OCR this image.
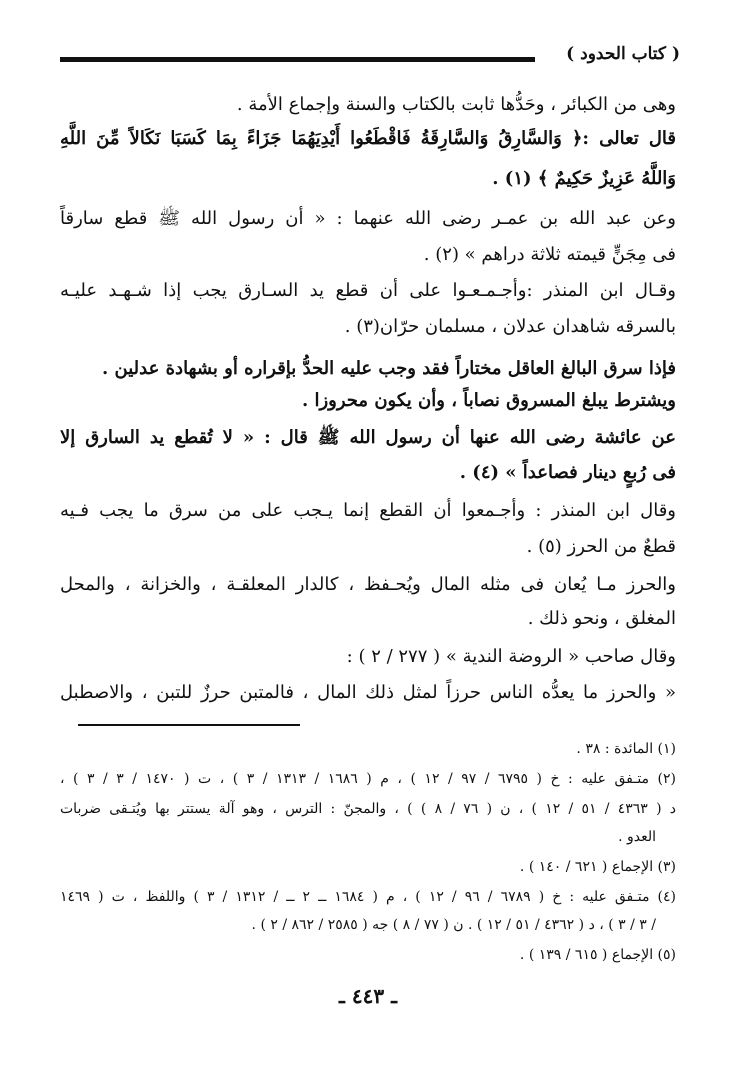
( كتاب الحدود )
وهى من الكبائر ، وحَدُّها ثابت بالكتاب والسنة وإجماع الأمة .
قال تعالى :﴿ وَالسَّارِقُ وَالسَّارِقَةُ فَاقْطَعُوا أَيْدِيَهُمَا جَزَاءً بِمَا كَسَبَا نَكَالاً مِّنَ اللَّهِ
وَاللَّهُ عَزِيزٌ حَكِيمٌ ﴾ (١) .
وعن عبد الله بن عمـر رضى الله عنهما : « أن رسول الله ﷺ قطع سارقاً
فى مِجَنٍّ قيمته ثلاثة دراهم » (٢) .
وقـال ابن المنذر :وأجـمـعـوا على أن قطع يد السـارق يجب إذا شـهـد عليـه
بالسرقه شاهدان عدلان ، مسلمان حرّان(٣) .
فإذا سرق البالغ العاقل مختاراً فقد وجب عليه الحدُّ بإقراره أو بشهادة عدلين .
ويشترط يبلغ المسروق نصاباً ، وأن يكون محروزا .
عن عائشة رضى الله عنها أن رسول الله ﷺ قال : « لا تُقطع يد السارق إلا
فى رُبعٍ دينار فصاعداً » (٤) .
وقال ابن المنذر : وأجـمعوا أن القطع إنما يـجب على من سرق ما يجب فـيه
قطعٌ من الحرز (٥) .
والحرز مـا يُعان فى مثله المال ويُحـفظ ، كالدار المعلقـة ، والخزانة ، والمحل
المغلق ، ونحو ذلك .
وقال صاحب « الروضة الندية » ( ٢٧٧ / ٢ ) :
« والحرز ما يعدُّه الناس حرزاً لمثل ذلك المال ، فالمتبن حرزٌ للتبن ، والاصطبل
(١) المائدة : ٣٨ .
(٢) متـفق عليه : خ ( ٦٧٩٥ / ٩٧ / ١٢ ) ، م ( ١٦٨٦ / ١٣١٣ / ٣ ) ، ت ( ١٤٧٠ / ٣ / ٣ ) ،
د ( ٤٣٦٣ / ٥١ / ١٢ ) ، ن ( ٧٦ / ٨ ) ) ، والمجنّ : الترس ، وهو آلة يستتر بها ويُتـقى ضربات
العدو .
(٣) الإجماع ( ٦٢١ / ١٤٠ ) .
(٤) متـفق عليه : خ ( ٦٧٨٩ / ٩٦ / ١٢ ) ، م ( ١٦٨٤ ــ ٢ ــ / ١٣١٢ / ٣ ) واللفظ ، ت ( ١٤٦٩
/ ٣ / ٣ ) ، د ( ٤٣٦٢ / ٥١ / ١٢ ) . ن ( ٧٧ / ٨ ) جه ( ٢٥٨٥ / ٨٦٢ / ٢ ) .
(٥) الإجماع ( ٦١٥ / ١٣٩ ) .
ـ ٤٤٣ ـ
